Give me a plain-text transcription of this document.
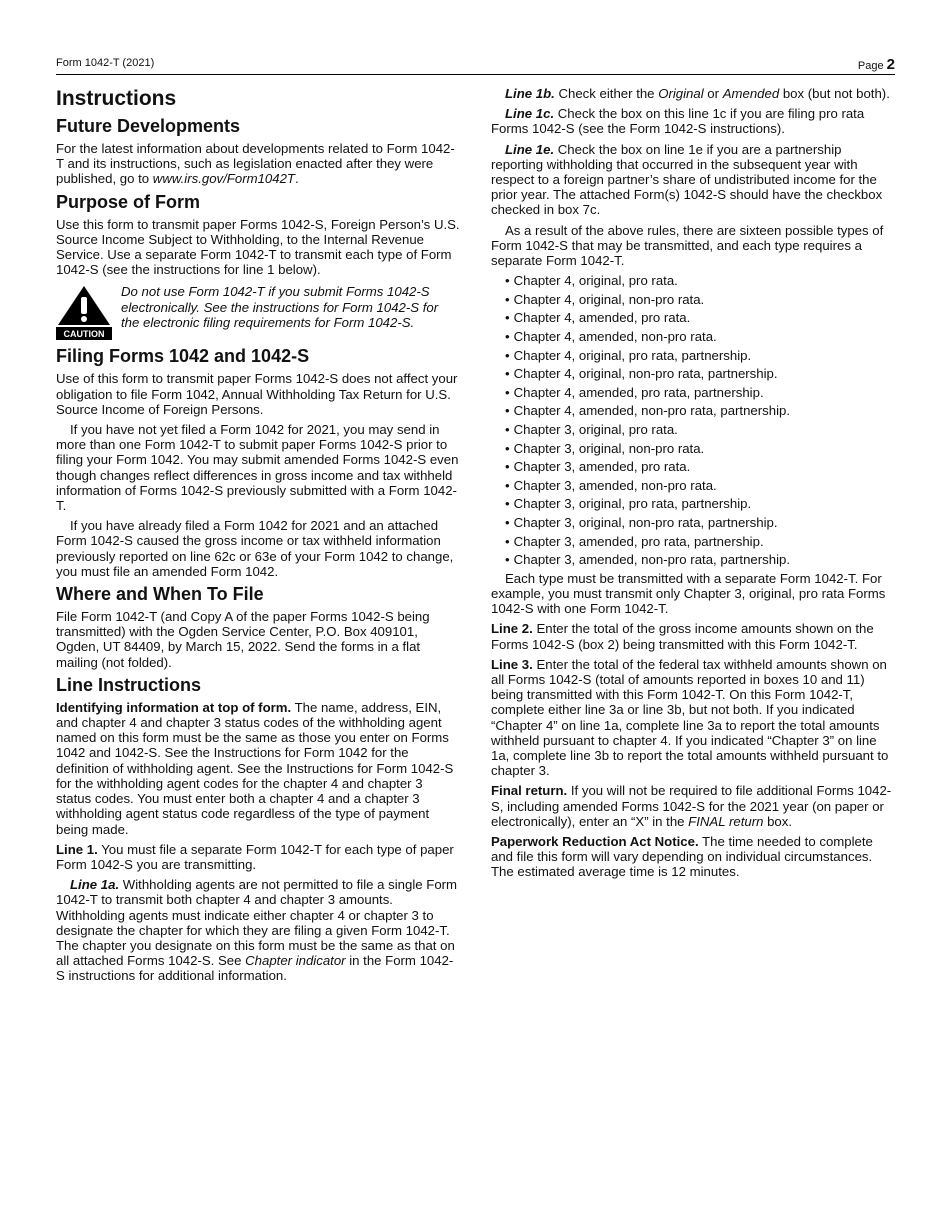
Form 1042-T (2021)	Page 2
Instructions
Future Developments

For the latest information about developments related to Form 1042-T and its instructions, such as legislation enacted after they were published, go to www.irs.gov/Form1042T.

Purpose of Form

Use this form to transmit paper Forms 1042-S, Foreign Person’s U.S. Source Income Subject to Withholding, to the Internal Revenue Service. Use a separate Form 1042-T to transmit each type of Form 1042-S (see the instructions for line 1 below).

CAUTION
Do not use Form 1042-T if you submit Forms 1042-S electronically. See the instructions for Form 1042-S for the electronic filing requirements for Form 1042-S.
Filing Forms 1042 and 1042-S

Use of this form to transmit paper Forms 1042-S does not affect your obligation to file Form 1042, Annual Withholding Tax Return for U.S. Source Income of Foreign Persons.

If you have not yet filed a Form 1042 for 2021, you may send in more than one Form 1042-T to submit paper Forms 1042-S prior to filing your Form 1042. You may submit amended Forms 1042-S even though changes reflect differences in gross income and tax withheld information of Forms 1042-S previously submitted with a Form 1042-T.

If you have already filed a Form 1042 for 2021 and an attached Form 1042-S caused the gross income or tax withheld information previously reported on line 62c or 63e of your Form 1042 to change, you must file an amended Form 1042.

Where and When To File

File Form 1042-T (and Copy A of the paper Forms 1042-S being transmitted) with the Ogden Service Center, P.O. Box 409101, Ogden, UT 84409, by March 15, 2022. Send the forms in a flat mailing (not folded).

Line Instructions

Identifying information at top of form. The name, address, EIN, and chapter 4 and chapter 3 status codes of the withholding agent named on this form must be the same as those you enter on Forms 1042 and 1042-S. See the Instructions for Form 1042 for the definition of withholding agent. See the Instructions for Form 1042-S for the withholding agent codes for the chapter 4 and chapter 3 status codes. You must enter both a chapter 4 and a chapter 3 withholding agent status code regardless of the type of payment being made.

Line 1. You must file a separate Form 1042-T for each type of paper Form 1042-S you are transmitting.

Line 1a. Withholding agents are not permitted to file a single Form 1042-T to transmit both chapter 4 and chapter 3 amounts. Withholding agents must indicate either chapter 4 or chapter 3 to designate the chapter for which they are filing a given Form 1042-T. The chapter you designate on this form must be the same as that on all attached Forms 1042-S. See Chapter indicator in the Form 1042-S instructions for additional information.

Line 1b. Check either the Original or Amended box (but not both).

Line 1c. Check the box on this line 1c if you are filing pro rata Forms 1042-S (see the Form 1042-S instructions).

Line 1e. Check the box on line 1e if you are a partnership reporting withholding that occurred in the subsequent year with respect to a foreign partner’s share of undistributed income for the prior year. The attached Form(s) 1042-S should have the checkbox checked in box 7c.

As a result of the above rules, there are sixteen possible types of Form 1042-S that may be transmitted, and each type requires a separate Form 1042-T.

• Chapter 4, original, pro rata.
• Chapter 4, original, non-pro rata.
• Chapter 4, amended, pro rata.
• Chapter 4, amended, non-pro rata.
• Chapter 4, original, pro rata, partnership.
• Chapter 4, original, non-pro rata, partnership.
• Chapter 4, amended, pro rata, partnership.
• Chapter 4, amended, non-pro rata, partnership.
• Chapter 3, original, pro rata.
• Chapter 3, original, non-pro rata.
• Chapter 3, amended, pro rata.
• Chapter 3, amended, non-pro rata.
• Chapter 3, original, pro rata, partnership.
• Chapter 3, original, non-pro rata, partnership.
• Chapter 3, amended, pro rata, partnership.
• Chapter 3, amended, non-pro rata, partnership.

Each type must be transmitted with a separate Form 1042-T. For example, you must transmit only Chapter 3, original, pro rata Forms 1042-S with one Form 1042-T.

Line 2. Enter the total of the gross income amounts shown on the Forms 1042-S (box 2) being transmitted with this Form 1042-T.

Line 3. Enter the total of the federal tax withheld amounts shown on all Forms 1042-S (total of amounts reported in boxes 10 and 11) being transmitted with this Form 1042-T. On this Form 1042-T, complete either line 3a or line 3b, but not both. If you indicated “Chapter 4” on line 1a, complete line 3a to report the total amounts withheld pursuant to chapter 4. If you indicated “Chapter 3” on line 1a, complete line 3b to report the total amounts withheld pursuant to chapter 3.

Final return. If you will not be required to file additional Forms 1042-S, including amended Forms 1042-S for the 2021 year (on paper or electronically), enter an “X” in the FINAL return box.

Paperwork Reduction Act Notice. The time needed to complete and file this form will vary depending on individual circumstances. The estimated average time is 12 minutes.
